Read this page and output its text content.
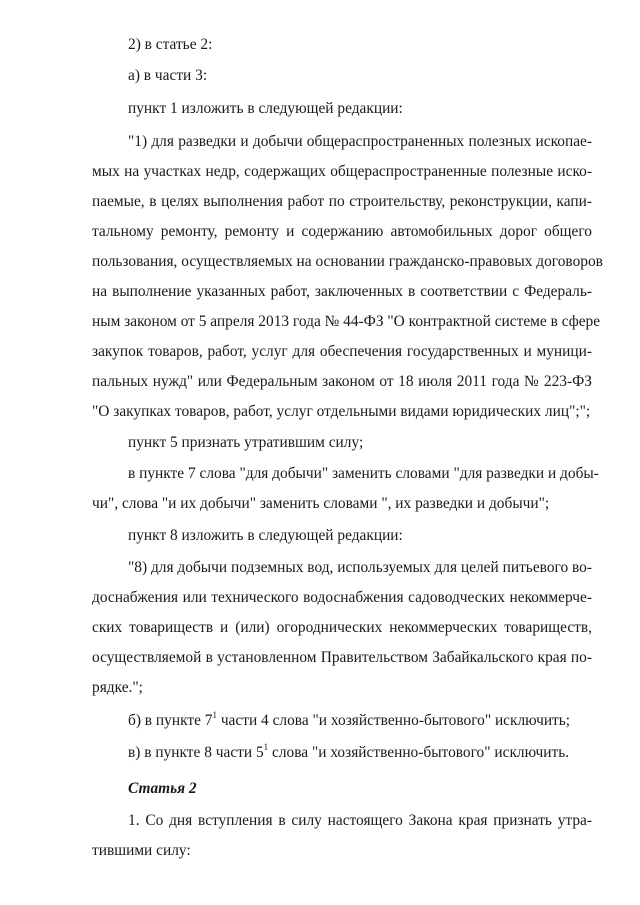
2) в статье 2:
а) в части 3:
пункт 1 изложить в следующей редакции:
"1) для разведки и добычи общераспространенных полезных ископае-
мых на участках недр, содержащих общераспространенные полезные иско-
паемые, в целях выполнения работ по строительству, реконструкции, капи-
тальному ремонту, ремонту и содержанию автомобильных дорог общего
пользования, осуществляемых на основании гражданско-правовых договоров
на выполнение указанных работ, заключенных в соответствии с Федераль-
ным законом от 5 апреля 2013 года № 44-ФЗ "О контрактной системе в сфере
закупок товаров, работ, услуг для обеспечения государственных и муници-
пальных нужд" или Федеральным законом от 18 июля 2011 года № 223-ФЗ
"О закупках товаров, работ, услуг отдельными видами юридических лиц";";
пункт 5 признать утратившим силу;
в пункте 7 слова "для добычи" заменить словами "для разведки и добы-
чи", слова "и их добычи" заменить словами ", их разведки и добычи";
пункт 8 изложить в следующей редакции:
"8) для добычи подземных вод, используемых для целей питьевого во-
доснабжения или технического водоснабжения садоводческих некоммерче-
ских товариществ и (или) огороднических некоммерческих товариществ,
осуществляемой в установленном Правительством Забайкальского края по-
рядке.";
б) в пункте $7^1$ части 4 слова "и хозяйственно-бытового" исключить;
в) в пункте 8 части $5^1$ слова "и хозяйственно-бытового" исключить.
Статья 2
1. Со дня вступления в силу настоящего Закона края признать утра-
тившими силу:
